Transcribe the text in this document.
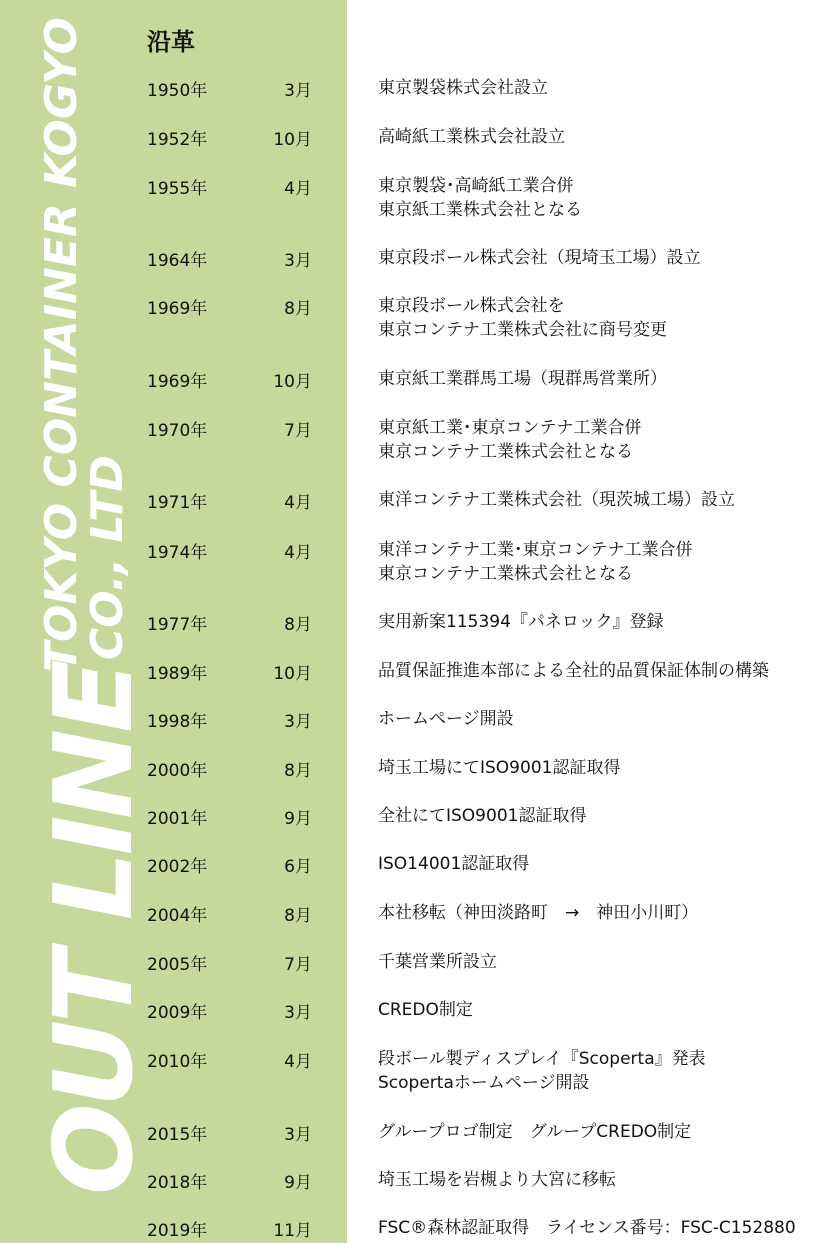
TOKYO CONTAINER KOGYO
CO., LTD
OUT LINE
沿革
1950年	3月	東京製袋株式会社設立
1952年	10月	高崎紙工業株式会社設立
1955年	4月	東京製袋･高崎紙工業合併
東京紙工業株式会社となる
1964年	3月	東京段ボール株式会社（現埼玉工場）設立
1969年	8月	東京段ボール株式会社を
東京コンテナ工業株式会社に商号変更
1969年	10月	東京紙工業群馬工場（現群馬営業所）
1970年	7月	東京紙工業･東京コンテナ工業合併
東京コンテナ工業株式会社となる
1971年	4月	東洋コンテナ工業株式会社（現茨城工場）設立
1974年	4月	東洋コンテナ工業･東京コンテナ工業合併
東京コンテナ工業株式会社となる
1977年	8月	実用新案115394『パネロック』登録
1989年	10月	品質保証推進本部による全社的品質保証体制の構築
1998年	3月	ホームページ開設
2000年	8月	埼玉工場にてISO9001認証取得
2001年	9月	全社にてISO9001認証取得
2002年	6月	ISO14001認証取得
2004年	8月	本社移転（神田淡路町　→　神田小川町）
2005年	7月	千葉営業所設立
2009年	3月	CREDO制定
2010年	4月	段ボール製ディスプレイ『Scoperta』発表
Scopertaホームページ開設
2015年	3月	グループロゴ制定　グループCREDO制定
2018年	9月	埼玉工場を岩槻より大宮に移転
2019年	11月	FSC®森林認証取得　ライセンス番号：FSC-C152880
